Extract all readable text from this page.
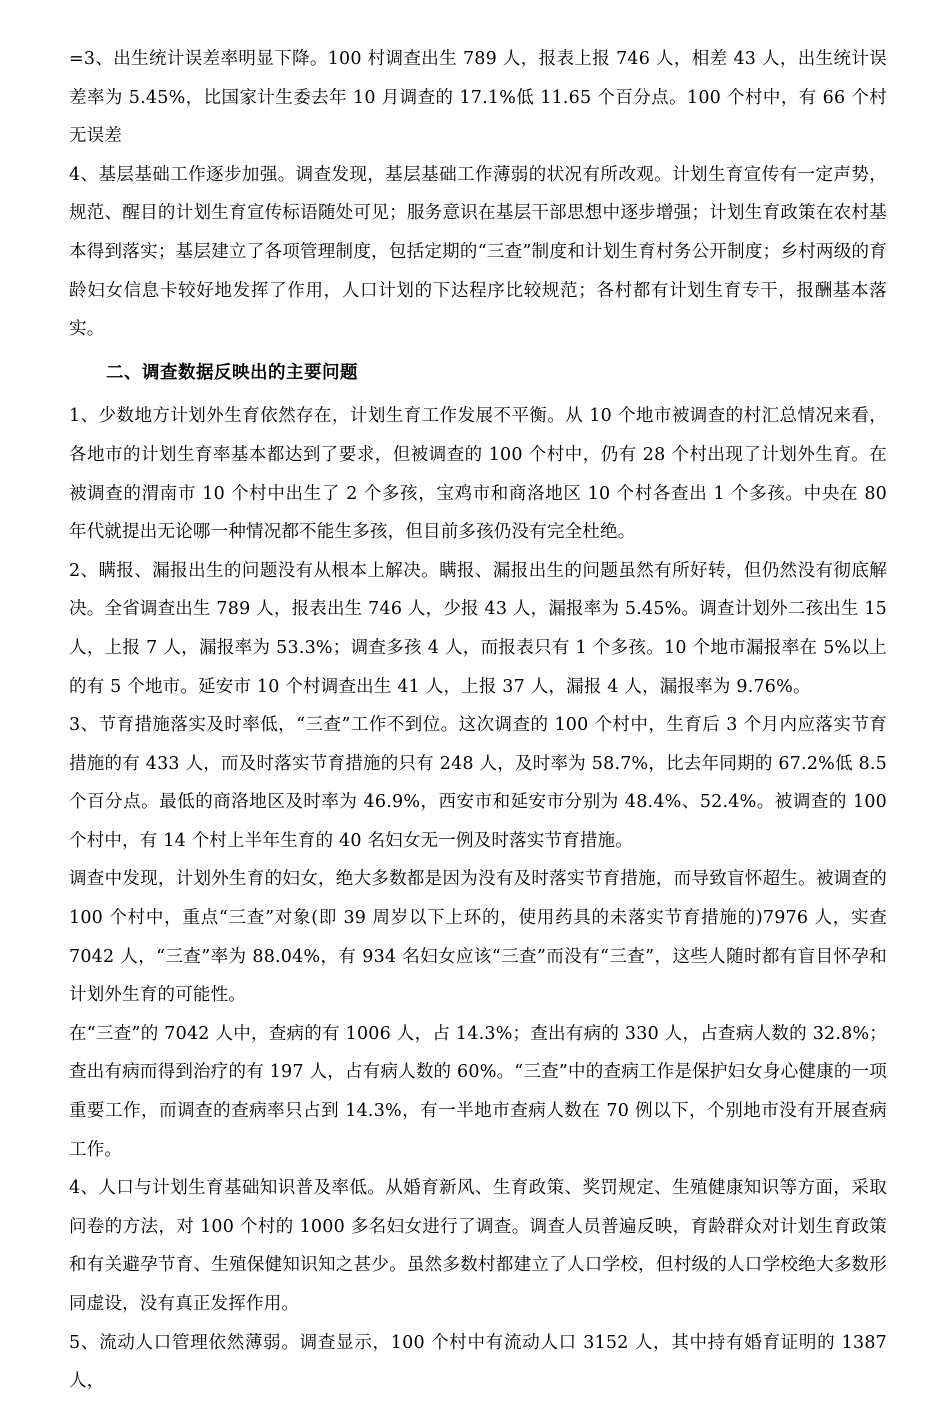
=3、出生统计误差率明显下降。100 村调查出生 789 人，报表上报 746 人，相差 43 人，出生统计误差率为 5.45%，比国家计生委去年 10 月调查的 17.1%低 11.65 个百分点。100 个村中，有 66 个村无误差

4、基层基础工作逐步加强。调查发现，基层基础工作薄弱的状况有所改观。计划生育宣传有一定声势，规范、醒目的计划生育宣传标语随处可见；服务意识在基层干部思想中逐步增强；计划生育政策在农村基本得到落实；基层建立了各项管理制度，包括定期的“三查”制度和计划生育村务公开制度；乡村两级的育龄妇女信息卡较好地发挥了作用，人口计划的下达程序比较规范；各村都有计划生育专干，报酬基本落实。

二、调查数据反映出的主要问题

1、少数地方计划外生育依然存在，计划生育工作发展不平衡。从 10 个地市被调查的村汇总情况来看，各地市的计划生育率基本都达到了要求，但被调查的 100 个村中，仍有 28 个村出现了计划外生育。在被调查的渭南市 10 个村中出生了 2 个多孩，宝鸡市和商洛地区 10 个村各查出 1 个多孩。中央在 80 年代就提出无论哪一种情况都不能生多孩，但目前多孩仍没有完全杜绝。

2、瞒报、漏报出生的问题没有从根本上解决。瞒报、漏报出生的问题虽然有所好转，但仍然没有彻底解决。全省调查出生 789 人，报表出生 746 人，少报 43 人，漏报率为 5.45%。调查计划外二孩出生 15 人，上报 7 人，漏报率为 53.3%；调查多孩 4 人，而报表只有 1 个多孩。10 个地市漏报率在 5%以上的有 5 个地市。延安市 10 个村调查出生 41 人，上报 37 人，漏报 4 人，漏报率为 9.76%。

3、节育措施落实及时率低，“三查”工作不到位。这次调查的 100 个村中，生育后 3 个月内应落实节育措施的有 433 人，而及时落实节育措施的只有 248 人，及时率为 58.7%，比去年同期的 67.2%低 8.5 个百分点。最低的商洛地区及时率为 46.9%，西安市和延安市分别为 48.4%、52.4%。被调查的 100 个村中，有 14 个村上半年生育的 40 名妇女无一例及时落实节育措施。

调查中发现，计划外生育的妇女，绝大多数都是因为没有及时落实节育措施，而导致盲怀超生。被调查的 100 个村中，重点“三查”对象(即 39 周岁以下上环的，使用药具的未落实节育措施的)7976 人，实查 7042 人，“三查”率为 88.04%，有 934 名妇女应该“三查”而没有“三查”，这些人随时都有盲目怀孕和计划外生育的可能性。

在“三查”的 7042 人中，查病的有 1006 人，占 14.3%；查出有病的 330 人，占查病人数的 32.8%；查出有病而得到治疗的有 197 人，占有病人数的 60%。“三查”中的查病工作是保护妇女身心健康的一项重要工作，而调查的查病率只占到 14.3%，有一半地市查病人数在 70 例以下，个别地市没有开展查病工作。

4、人口与计划生育基础知识普及率低。从婚育新风、生育政策、奖罚规定、生殖健康知识等方面，采取问卷的方法，对 100 个村的 1000 多名妇女进行了调查。调查人员普遍反映，育龄群众对计划生育政策和有关避孕节育、生殖保健知识知之甚少。虽然多数村都建立了人口学校，但村级的人口学校绝大多数形同虚设，没有真正发挥作用。

5、流动人口管理依然薄弱。调查显示，100 个村中有流动人口 3152 人，其中持有婚育证明的 1387 人，
